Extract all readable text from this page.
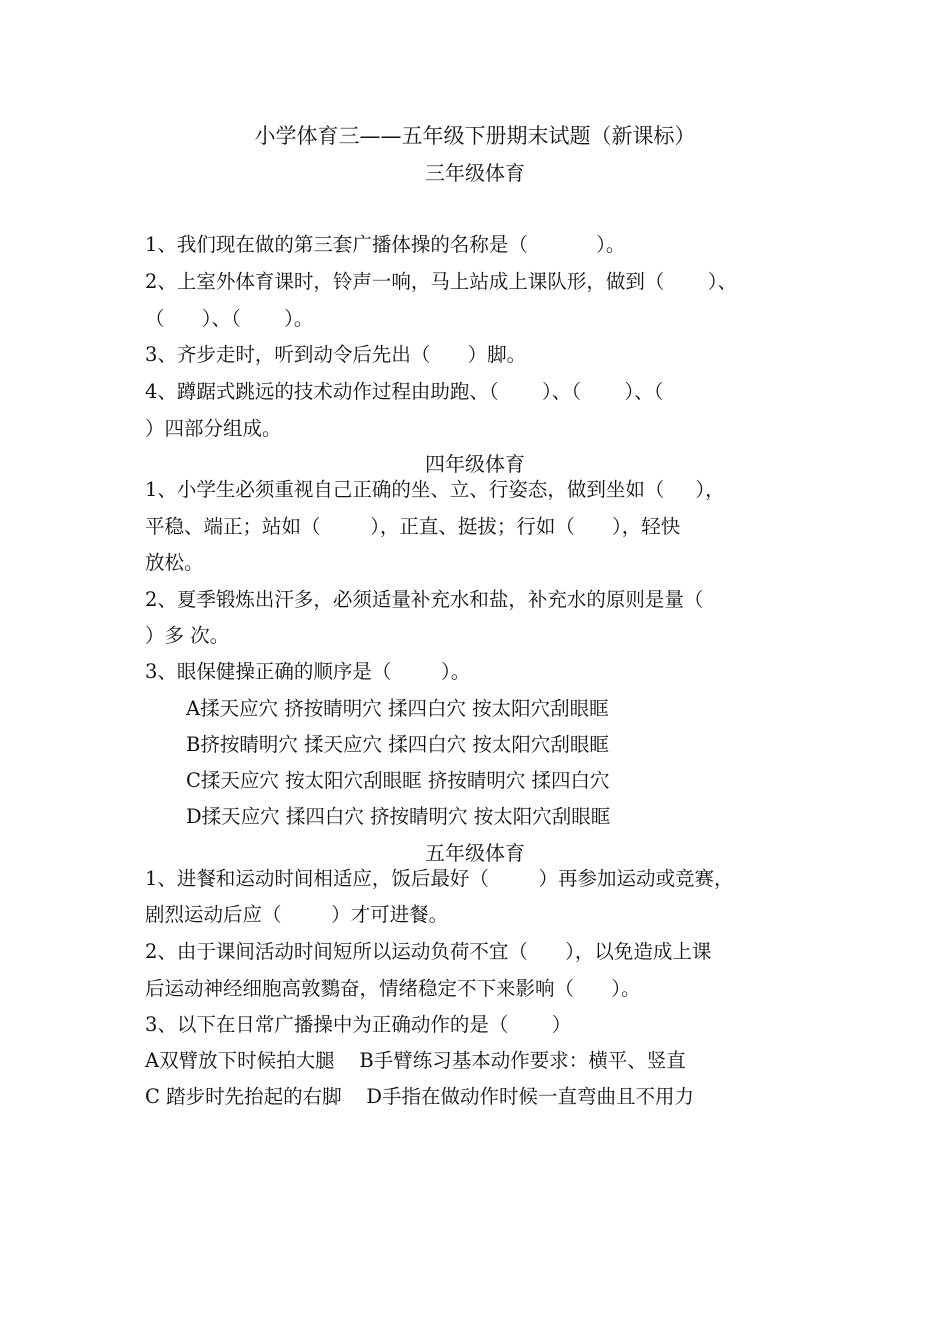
小学体育三——五年级下册期末试题（新课标）
三年级体育
1、我们现在做的第三套广播体操的名称是（           ）。
2、上室外体育课时，铃声一响，马上站成上课队形，做到（       ）、
（      ）、（       ）。
3、齐步走时，听到动令后先出（      ）脚。
4、蹲踞式跳远的技术动作过程由助跑、（       ）、（       ）、（
）四部分组成。
四年级体育
1、小学生必须重视自己正确的坐、立、行姿态，做到坐如（     ），
平稳、端正；站如（        ），正直、挺拔；行如（      ），轻快
放松。
2、夏季锻炼出汗多，必须适量补充水和盐，补充水的原则是量（
）多 次。
3、眼保健操正确的顺序是（        ）。
A揉天应穴 挤按睛明穴 揉四白穴 按太阳穴刮眼眶
B挤按睛明穴 揉天应穴 揉四白穴 按太阳穴刮眼眶
C揉天应穴 按太阳穴刮眼眶 挤按睛明穴 揉四白穴
D揉天应穴 揉四白穴 挤按睛明穴 按太阳穴刮眼眶
五年级体育
1、进餐和运动时间相适应，饭后最好（        ）再参加运动或竞赛，
剧烈运动后应（        ）才可进餐。
2、由于课间活动时间短所以运动负荷不宜（      ），以免造成上课
后运动神经细胞高敦鷚奋，情绪稳定不下来影响（      ）。
3、以下在日常广播操中为正确动作的是（       ）
A双臂放下时候拍大腿    B手臂练习基本动作要求：横平、竖直
C 踏步时先抬起的右脚    D手指在做动作时候一直弯曲且不用力
